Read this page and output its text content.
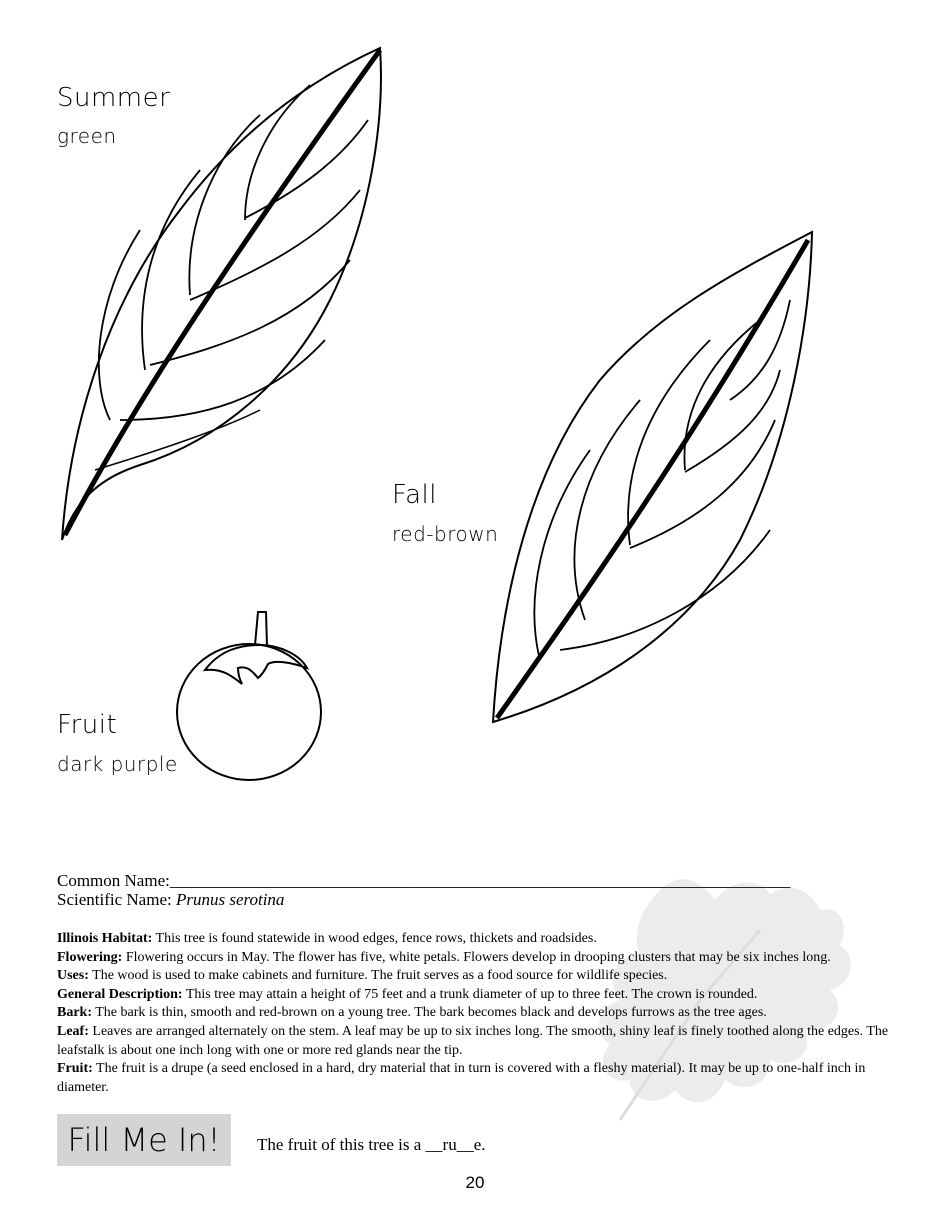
Summer
green
Fall
red-brown
Fruit
dark purple
Common Name:_________________________________________________________________________
Scientific Name: Prunus serotina

Illinois Habitat: This tree is found statewide in wood edges, fence rows, thickets and roadsides.

Flowering: Flowering occurs in May. The flower has five, white petals. Flowers develop in drooping clusters that may be six inches long.

Uses: The wood is used to make cabinets and furniture. The fruit serves as a food source for wildlife species.

General Description: This tree may attain a height of 75 feet and a trunk diameter of up to three feet. The crown is rounded.

Bark: The bark is thin, smooth and red-brown on a young tree. The bark becomes black and develops furrows as the tree ages.

Leaf: Leaves are arranged alternately on the stem. A leaf may be up to six inches long. The smooth, shiny leaf is finely toothed along the edges. The leafstalk is about one inch long with one or more red glands near the tip.

Fruit: The fruit is a drupe (a seed enclosed in a hard, dry material that in turn is covered with a fleshy material). It may be up to one-half inch in diameter.

Fill Me In! The fruit of this tree is a __ru__e.
20
